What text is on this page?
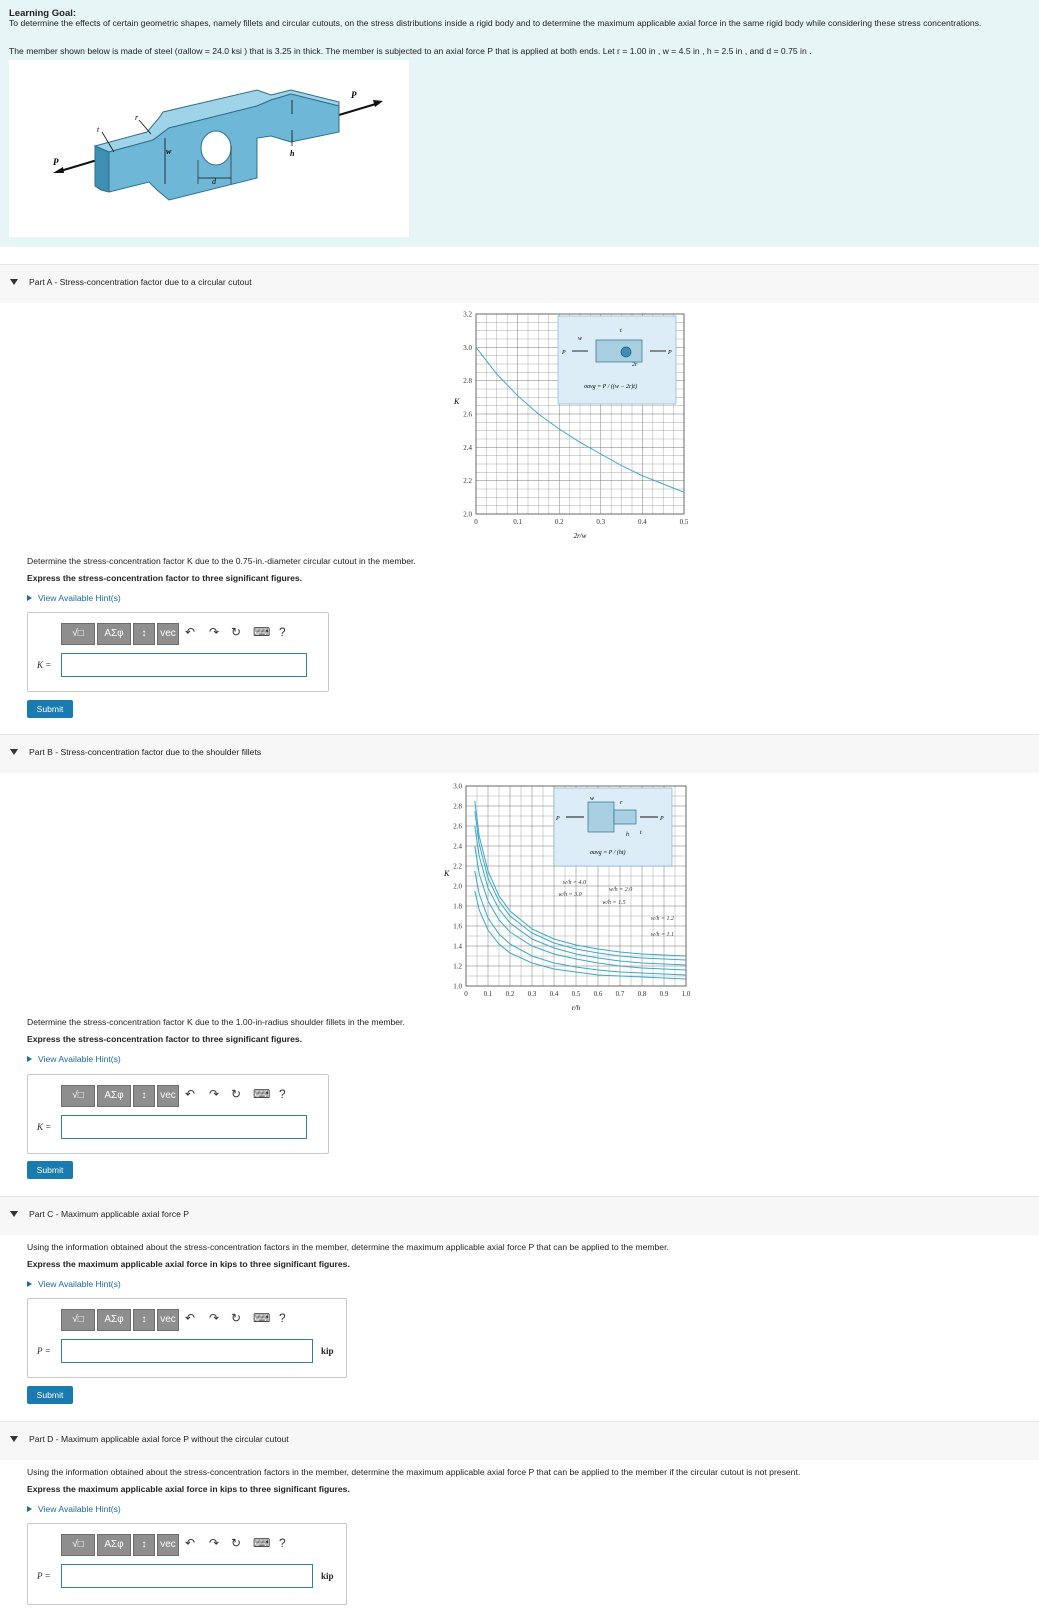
Learning Goal:
To determine the effects of certain geometric shapes, namely fillets and circular cutouts, on the stress distributions inside a rigid body and to determine the maximum applicable axial force in the same rigid body while considering these stress concentrations.
The member shown below is made of steel (σallow = 24.0 ksi ) that is 3.25 in thick. The member is subjected to an axial force P that is applied at both ends. Let r = 1.00 in , w = 4.5 in , h = 2.5 in , and d = 0.75 in .
P
P
t
r
w	h
d
Part A - Stress-concentration factor due to a circular cutout
0	0.1	0.2	0.3	0.4	0.5
2.0
2.2
2.4
2.6
2.8
3.0
3.2
K
2r/w
w
t
P	P
2r
σavg = P / ((w − 2r)t)
Determine the stress-concentration factor K due to the 0.75-in.-diameter circular cutout in the member.
Express the stress-concentration factor to three significant figures.
View Available Hint(s)
√□	ΑΣφ	↕	vec ↶ ↷ ↻ ⌨ ?
K =
Submit
Part B - Stress-concentration factor due to the shoulder fillets
0 0.1 0.2 0.3 0.4 0.5 0.6 0.7 0.8 0.9 1.0
1.0
1.2
1.4
1.6
1.8
2.0
2.2
2.4
2.6
2.8
3.0
K
r/h
w/h = 4.0
w/h = 3.0
w/h = 2.0
w/h = 1.5
w/h = 1.2
w/h = 1.1
w
r
h t
P	P
σavg = P / (ht)
Determine the stress-concentration factor K due to the 1.00-in-radius shoulder fillets in the member.
Express the stress-concentration factor to three significant figures.
View Available Hint(s)
√□	ΑΣφ	↕	vec ↶ ↷ ↻ ⌨ ?
K =
Submit
Part C - Maximum applicable axial force P
Using the information obtained about the stress-concentration factors in the member, determine the maximum applicable axial force P that can be applied to the member.
Express the maximum applicable axial force in kips to three significant figures.
View Available Hint(s)
√□	ΑΣφ	↕	vec ↶ ↷ ↻ ⌨ ?
P =	kip
Submit
Part D - Maximum applicable axial force P without the circular cutout
Using the information obtained about the stress-concentration factors in the member, determine the maximum applicable axial force P that can be applied to the member if the circular cutout is not present.
Express the maximum applicable axial force in kips to three significant figures.
View Available Hint(s)
√□	ΑΣφ	↕	vec ↶ ↷ ↻ ⌨ ?
P =	kip
